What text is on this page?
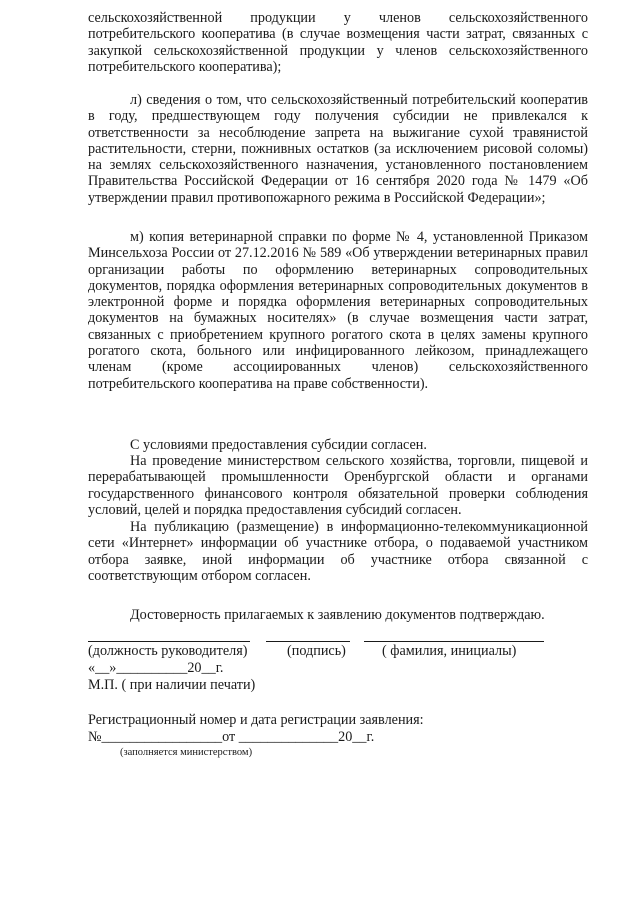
сельскохозяйственной продукции у членов сельскохозяйственного потребительского кооператива (в случае возмещения части затрат, связанных с закупкой сельскохозяйственной продукции у членов сельскохозяйственного потребительского кооператива);
л) сведения о том, что сельскохозяйственный потребительский кооператив в году, предшествующем году получения субсидии не привлекался к ответственности за несоблюдение запрета на выжигание сухой травянистой растительности, стерни, пожнивных остатков (за исключением рисовой соломы) на землях сельскохозяйственного назначения, установленного постановлением Правительства Российской Федерации от 16 сентября 2020 года № 1479 «Об утверждении правил противопожарного режима в Российской Федерации»;
м) копия ветеринарной справки по форме № 4, установленной Приказом Минсельхоза России от 27.12.2016 № 589 «Об утверждении ветеринарных правил организации работы по оформлению ветеринарных сопроводительных документов, порядка оформления ветеринарных сопроводительных документов в электронной форме и порядка оформления ветеринарных сопроводительных документов на бумажных носителях» (в случае возмещения части затрат, связанных с приобретением крупного рогатого скота в целях замены крупного рогатого скота, больного или инфицированного лейкозом, принадлежащего членам (кроме ассоциированных членов) сельскохозяйственного потребительского кооператива на праве собственности).
С условиями предоставления субсидии согласен.
На проведение министерством сельского хозяйства, торговли, пищевой и перерабатывающей промышленности Оренбургской области и органами государственного финансового контроля обязательной проверки соблюдения условий, целей и порядка предоставления субсидий согласен.
На публикацию (размещение) в информационно-телекоммуникационной сети «Интернет» информации об участнике отбора, о подаваемой участником отбора заявке, иной информации об участнике отбора связанной с соответствующим отбором согласен.
Достоверность прилагаемых к заявлению документов подтверждаю.
(должность руководителя)	(подпись)	( фамилия, инициалы)
«__»__________20__г.
М.П. ( при наличии печати)
Регистрационный номер и дата регистрации заявления:
№_________________от ______________20__г.
(заполняется министерством)
